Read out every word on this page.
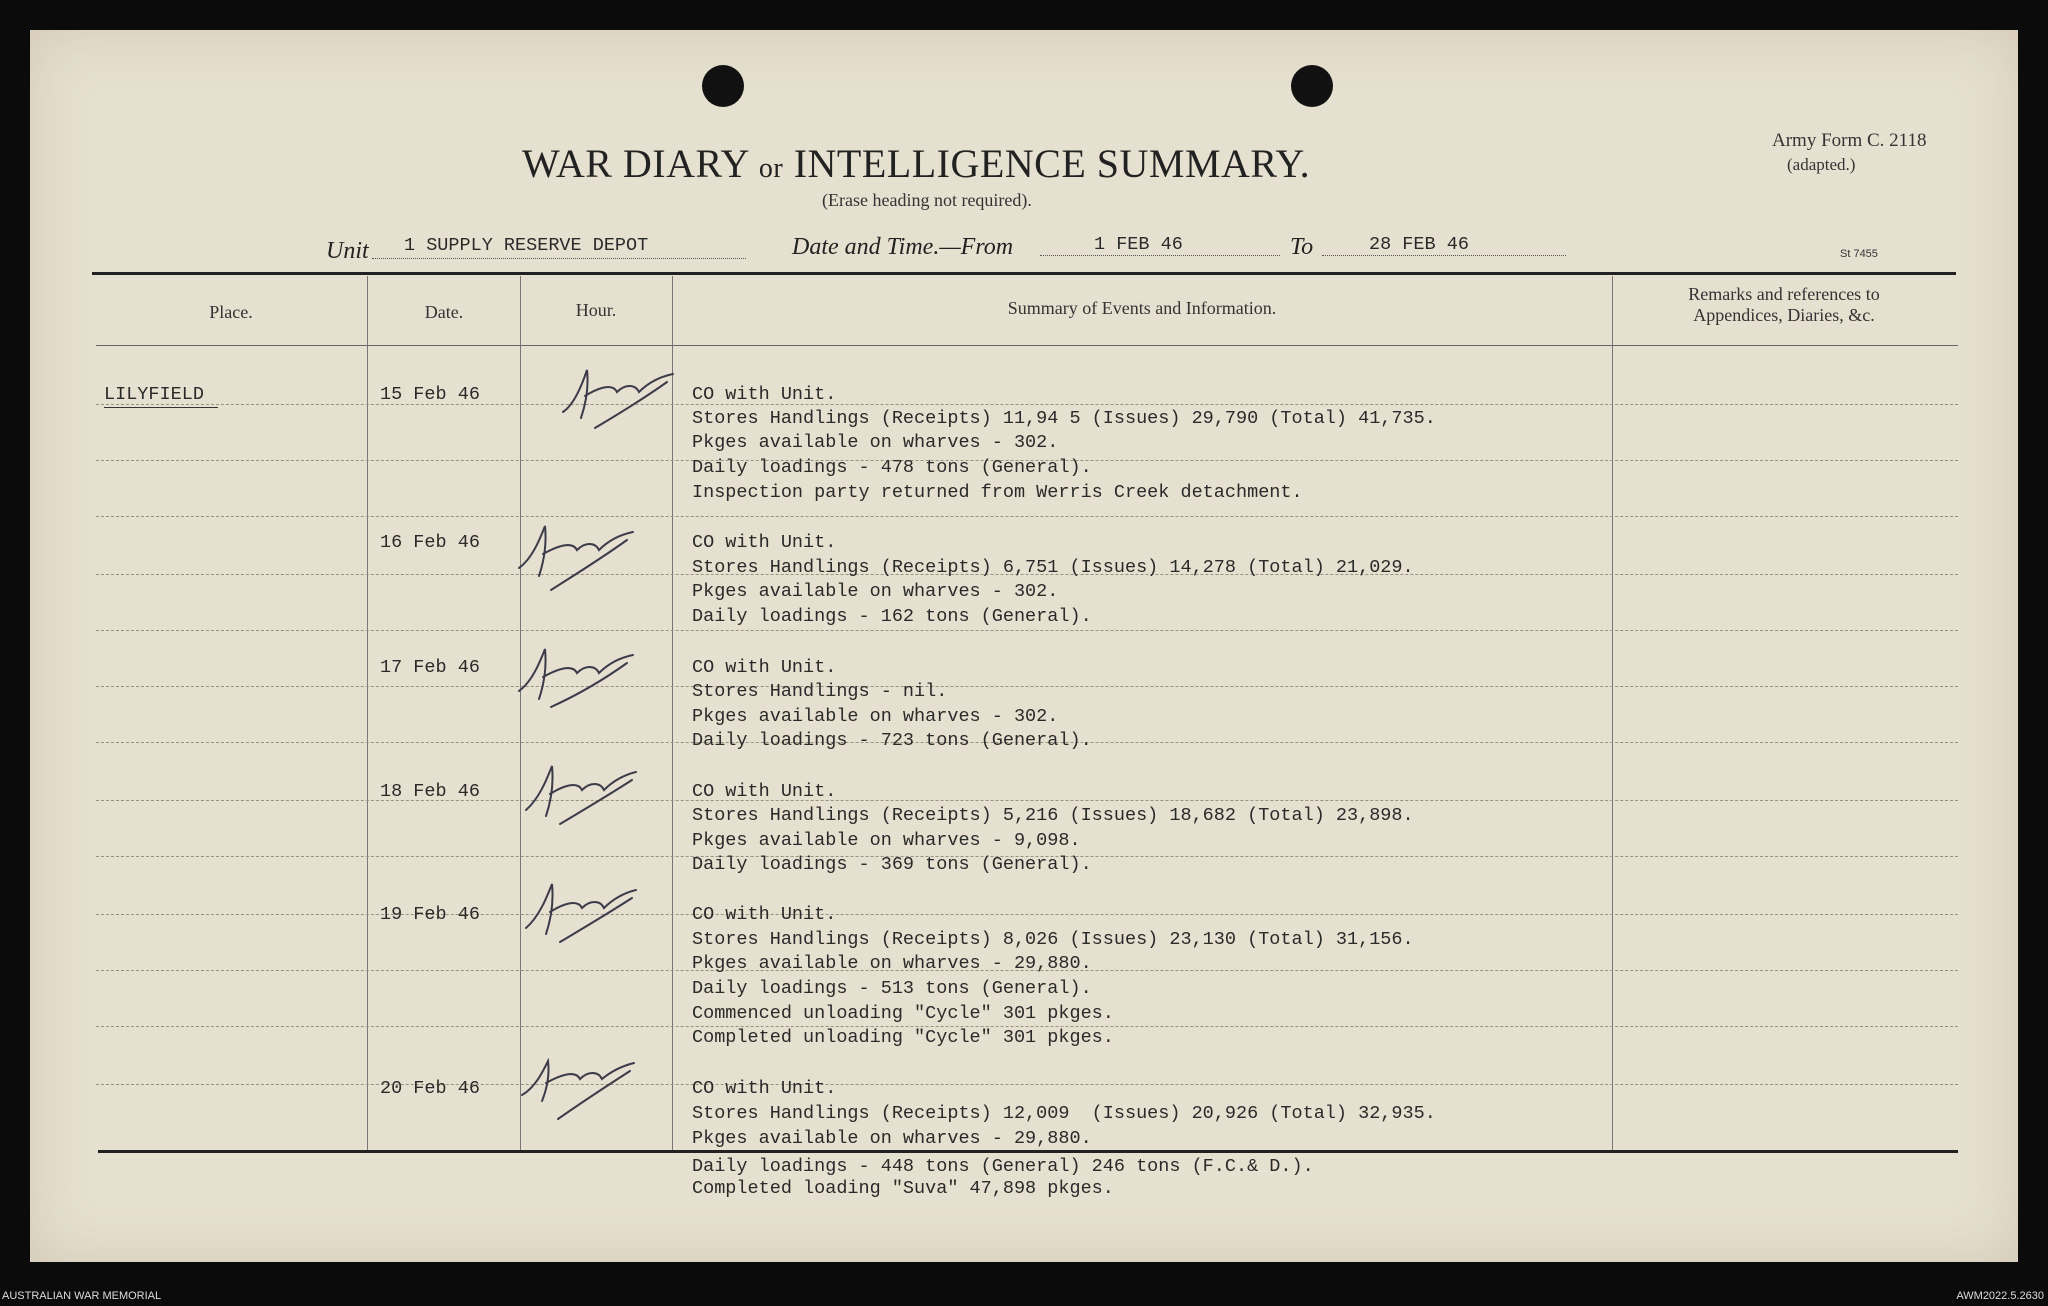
WAR DIARY or INTELLIGENCE SUMMARY.
(Erase heading not required).
Army Form C. 2118
(adapted.)
St 7455
Unit 1 SUPPLY RESERVE DEPOT	Date and Time.—From	1 FEB 46	To	28 FEB 46
Place.	Date.	Hour.	Summary of Events and Information.
Remarks and references to
Appendices, Diaries, &c.
LILYFIELD	15 Feb 46	CO with Unit.
Stores Handlings (Receipts) 11,94 5 (Issues) 29,790 (Total) 41,735.
Pkges available on wharves - 302.
Daily loadings - 478 tons (General).
Inspection party returned from Werris Creek detachment.
16 Feb 46	CO with Unit.
Stores Handlings (Receipts) 6,751 (Issues) 14,278 (Total) 21,029.
Pkges available on wharves - 302.
Daily loadings - 162 tons (General).
17 Feb 46	CO with Unit.
Stores Handlings - nil.
Pkges available on wharves - 302.
Daily loadings - 723 tons (General).
18 Feb 46	CO with Unit.
Stores Handlings (Receipts) 5,216 (Issues) 18,682 (Total) 23,898.
Pkges available on wharves - 9,098.
Daily loadings - 369 tons (General).
19 Feb 46	CO with Unit.
Stores Handlings (Receipts) 8,026 (Issues) 23,130 (Total) 31,156.
Pkges available on wharves - 29,880.
Daily loadings - 513 tons (General).
Commenced unloading "Cycle" 301 pkges.
Completed unloading "Cycle" 301 pkges.
20 Feb 46	CO with Unit.
Stores Handlings (Receipts) 12,009  (Issues) 20,926 (Total) 32,935.
Pkges available on wharves - 29,880.
Daily loadings - 448 tons (General) 246 tons (F.C.& D.).
Completed loading "Suva" 47,898 pkges.
AUSTRALIAN WAR MEMORIAL	AWM2022.5.2630
